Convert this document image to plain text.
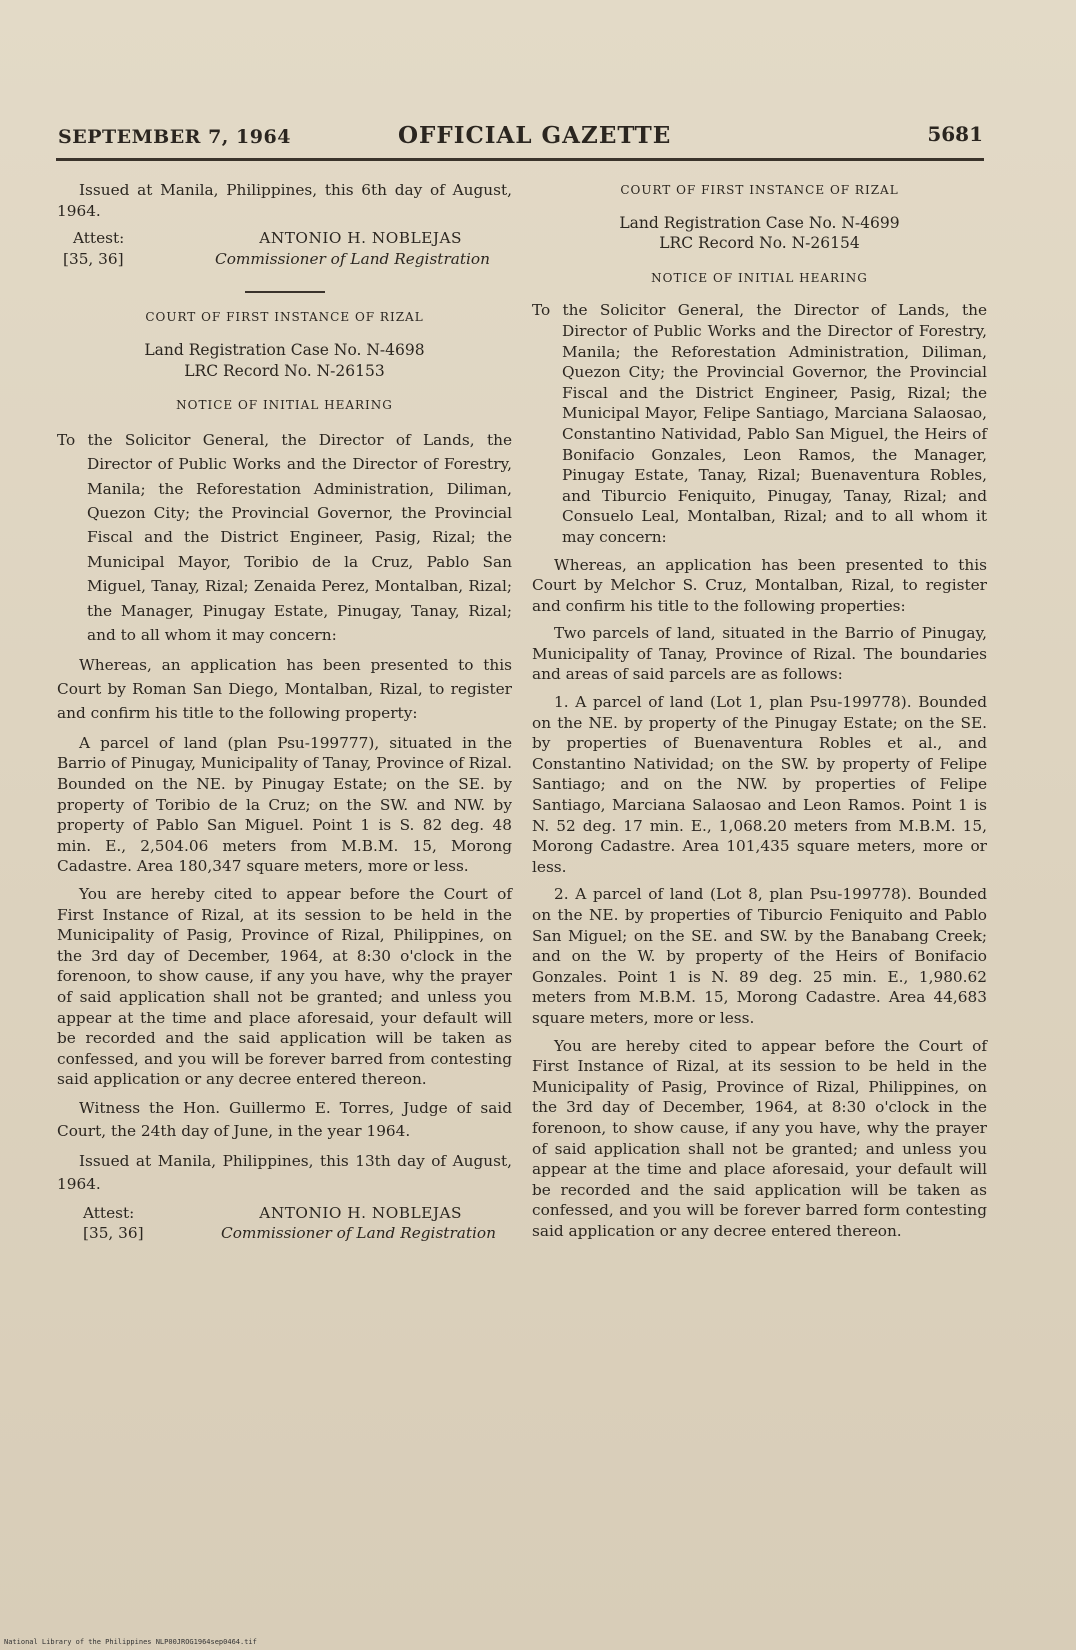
SEPTEMBER 7, 1964	OFFICIAL GAZETTE	5681

Issued at Manila, Philippines, this 6th day of August, 1964.

Attest:	ANTONIO H. NOBLEJAS
[35, 36]	Commissioner of Land Registration
COURT OF FIRST INSTANCE OF RIZAL

Land Registration Case No. N-4698

LRC Record No. N-26153

NOTICE OF INITIAL HEARING

To the Solicitor General, the Director of Lands, the Director of Public Works and the Director of Forestry, Manila; the Reforestation Administration, Diliman, Quezon City; the Provincial Governor, the Provincial Fiscal and the District Engineer, Pasig, Rizal; the Municipal Mayor, Toribio de la Cruz, Pablo San Miguel, Tanay, Rizal; Zenaida Perez, Montalban, Rizal; the Manager, Pinugay Estate, Pinugay, Tanay, Rizal; and to all whom it may concern:

Whereas, an application has been presented to this Court by Roman San Diego, Montalban, Rizal, to register and confirm his title to the following property:

A parcel of land (plan Psu-199777), situated in the Barrio of Pinugay, Municipality of Tanay, Province of Rizal. Bounded on the NE. by Pinugay Estate; on the SE. by property of Toribio de la Cruz; on the SW. and NW. by property of Pablo San Miguel. Point 1 is S. 82 deg. 48 min. E., 2,504.06 meters from M.B.M. 15, Morong Cadastre. Area 180,347 square meters, more or less.

You are hereby cited to appear before the Court of First Instance of Rizal, at its session to be held in the Municipality of Pasig, Province of Rizal, Philippines, on the 3rd day of December, 1964, at 8:30 o'clock in the forenoon, to show cause, if any you have, why the prayer of said application shall not be granted; and unless you appear at the time and place aforesaid, your default will be recorded and the said application will be taken as confessed, and you will be forever barred from contesting said application or any decree entered thereon.

Witness the Hon. Guillermo E. Torres, Judge of said Court, the 24th day of June, in the year 1964.

Issued at Manila, Philippines, this 13th day of August, 1964.

Attest:	ANTONIO H. NOBLEJAS
[35, 36]	Commissioner of Land Registration
COURT OF FIRST INSTANCE OF RIZAL

Land Registration Case No. N-4699

LRC Record No. N-26154

NOTICE OF INITIAL HEARING

To the Solicitor General, the Director of Lands, the Director of Public Works and the Director of Forestry, Manila; the Reforestation Administration, Diliman, Quezon City; the Provincial Governor, the Provincial Fiscal and the District Engineer, Pasig, Rizal; the Municipal Mayor, Felipe Santiago, Marciana Salaosao, Constantino Natividad, Pablo San Miguel, the Heirs of Bonifacio Gonzales, Leon Ramos, the Manager, Pinugay Estate, Tanay, Rizal; Buenaventura Robles, and Tiburcio Feniquito, Pinugay, Tanay, Rizal; and Consuelo Leal, Montalban, Rizal; and to all whom it may concern:

Whereas, an application has been presented to this Court by Melchor S. Cruz, Montalban, Rizal, to register and confirm his title to the following properties:

Two parcels of land, situated in the Barrio of Pinugay, Municipality of Tanay, Province of Rizal. The boundaries and areas of said parcels are as follows:

1. A parcel of land (Lot 1, plan Psu-199778). Bounded on the NE. by property of the Pinugay Estate; on the SE. by properties of Buenaventura Robles et al., and Constantino Natividad; on the SW. by property of Felipe Santiago; and on the NW. by properties of Felipe Santiago, Marciana Salaosao and Leon Ramos. Point 1 is N. 52 deg. 17 min. E., 1,068.20 meters from M.B.M. 15, Morong Cadastre. Area 101,435 square meters, more or less.

2. A parcel of land (Lot 8, plan Psu-199778). Bounded on the NE. by properties of Tiburcio Feniquito and Pablo San Miguel; on the SE. and SW. by the Banabang Creek; and on the W. by property of the Heirs of Bonifacio Gonzales. Point 1 is N. 89 deg. 25 min. E., 1,980.62 meters from M.B.M. 15, Morong Cadastre. Area 44,683 square meters, more or less.

You are hereby cited to appear before the Court of First Instance of Rizal, at its session to be held in the Municipality of Pasig, Province of Rizal, Philippines, on the 3rd day of December, 1964, at 8:30 o'clock in the forenoon, to show cause, if any you have, why the prayer of said application shall not be granted; and unless you appear at the time and place aforesaid, your default will be recorded and the said application will be taken as confessed, and you will be forever barred form contesting said application or any decree entered thereon.

National Library of the Philippines NLP00JROG1964sep0464.tif
